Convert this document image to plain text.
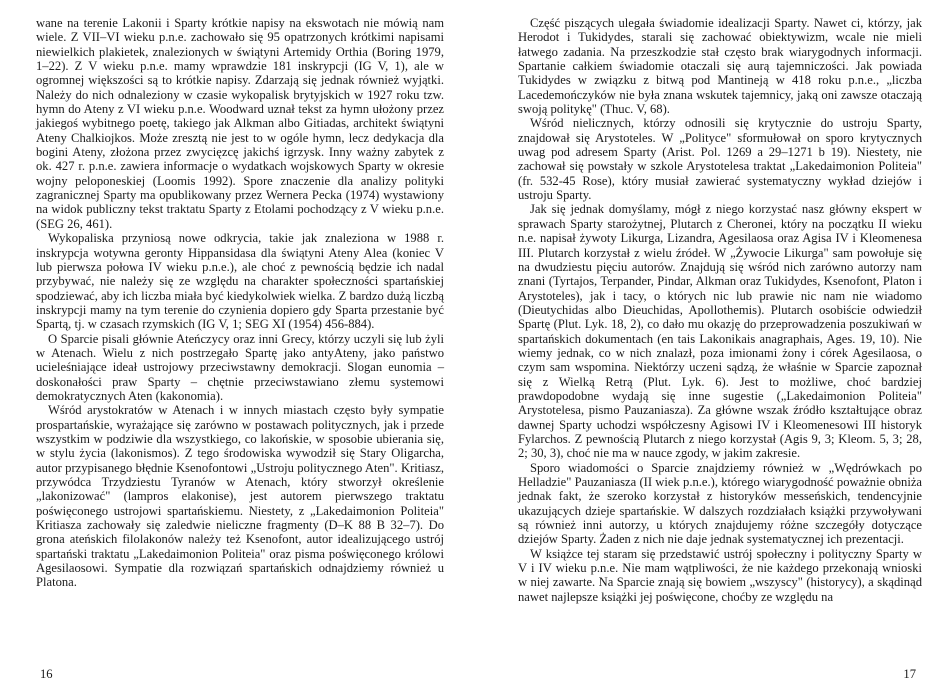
wane na terenie Lakonii i Sparty krótkie napisy na ekswotach nie mówią nam wiele. Z VII–VI wieku p.n.e. zachowało się 95 opatrzonych krótkimi napisami niewielkich plakietek, znalezionych w świątyni Artemidy Orthia (Boring 1979, 1–22). Z V wieku p.n.e. mamy wprawdzie 181 inskrypcji (IG V, 1), ale w ogromnej większości są to krótkie napisy. Zdarzają się jednak również wyjątki. Należy do nich odnaleziony w czasie wykopalisk brytyjskich w 1927 roku tzw. hymn do Ateny z VI wieku p.n.e. Woodward uznał tekst za hymn ułożony przez jakiegoś wybitnego poetę, takiego jak Alkman albo Gitiadas, architekt świątyni Ateny Chalkiojkos. Może zresztą nie jest to w ogóle hymn, lecz dedykacja dla bogini Ateny, złożona przez zwycięzcę jakichś igrzysk. Inny ważny zabytek z ok. 427 r. p.n.e. zawiera informacje o wydatkach wojskowych Sparty w okresie wojny peloponeskiej (Loomis 1992). Spore znaczenie dla analizy polityki zagranicznej Sparty ma opublikowany przez Wernera Pecka (1974) wystawiony na widok publiczny tekst traktatu Sparty z Etolami pochodzący z V wieku p.n.e. (SEG 26, 461).

Wykopaliska przyniosą nowe odkrycia, takie jak znaleziona w 1988 r. inskrypcja wotywna geronty Hippansidasa dla świątyni Ateny Alea (koniec V lub pierwsza połowa IV wieku p.n.e.), ale choć z pewnością będzie ich nadal przybywać, nie należy się ze względu na charakter społeczności spartańskiej spodziewać, aby ich liczba miała być kiedykolwiek wielka. Z bardzo dużą liczbą inskrypcji mamy na tym terenie do czynienia dopiero gdy Sparta przestanie być Spartą, tj. w czasach rzymskich (IG V, 1; SEG XI (1954) 456-884).

O Sparcie pisali głównie Ateńczycy oraz inni Grecy, którzy uczyli się lub żyli w Atenach. Wielu z nich postrzegało Spartę jako antyAteny, jako państwo ucieleśniające ideał ustrojowy przeciwstawny demokracji. Slogan eunomia – doskonałości praw Sparty – chętnie przeciwstawiano złemu systemowi demokratycznych Aten (kakonomia).

Wśród arystokratów w Atenach i w innych miastach często były sympatie prospartańskie, wyrażające się zarówno w postawach politycznych, jak i przede wszystkim w podziwie dla wszystkiego, co lakońskie, w sposobie ubierania się, w stylu życia (lakonismos). Z tego środowiska wywodził się Stary Oligarcha, autor przypisanego błędnie Ksenofontowi „Ustroju politycznego Aten". Kritiasz, przywódca Trzydziestu Tyranów w Atenach, który stworzył określenie „lakonizować" (lampros elakonise), jest autorem pierwszego traktatu poświęconego ustrojowi spartańskiemu. Niestety, z „Lakedaimonion Politeia" Kritiasza zachowały się zaledwie nieliczne fragmenty (D–K 88 B 32–7). Do grona ateńskich filolakonów należy też Ksenofont, autor idealizującego ustrój spartański traktatu „Lakedaimonion Politeia" oraz pisma poświęconego królowi Agesilaosowi. Sympatie dla rozwiązań spartańskich odnajdziemy również u Platona.

16

Część piszących ulegała świadomie idealizacji Sparty. Nawet ci, którzy, jak Herodot i Tukidydes, starali się zachować obiektywizm, wcale nie mieli łatwego zadania. Na przeszkodzie stał często brak wiarygodnych informacji. Spartanie całkiem świadomie otaczali się aurą tajemniczości. Jak powiada Tukidydes w związku z bitwą pod Mantineją w 418 roku p.n.e., „liczba Lacedemończyków nie była znana wskutek tajemnicy, jaką oni zawsze otaczają swoją politykę" (Thuc. V, 68).

Wśród nielicznych, którzy odnosili się krytycznie do ustroju Sparty, znajdował się Arystoteles. W „Polityce" sformułował on sporo krytycznych uwag pod adresem Sparty (Arist. Pol. 1269 a 29–1271 b 19). Niestety, nie zachował się powstały w szkole Arystotelesa traktat „Lakedaimonion Politeia" (fr. 532-45 Rose), który musiał zawierać systematyczny wykład dziejów i ustroju Sparty.

Jak się jednak domyślamy, mógł z niego korzystać nasz główny ekspert w sprawach Sparty starożytnej, Plutarch z Cheronei, który na początku II wieku n.e. napisał żywoty Likurga, Lizandra, Agesilaosa oraz Agisa IV i Kleomenesa III. Plutarch korzystał z wielu źródeł. W „Żywocie Likurga" sam powołuje się na dwudziestu pięciu autorów. Znajdują się wśród nich zarówno autorzy nam znani (Tyrtajos, Terpander, Pindar, Alkman oraz Tukidydes, Ksenofont, Platon i Arystoteles), jak i tacy, o których nic lub prawie nic nam nie wiadomo (Dieutychidas albo Dieuchidas, Apollothemis). Plutarch osobiście odwiedził Spartę (Plut. Lyk. 18, 2), co dało mu okazję do przeprowadzenia poszukiwań w spartańskich dokumentach (en tais Lakonikais anagraphais, Ages. 19, 10). Nie wiemy jednak, co w nich znalazł, poza imionami żony i córek Agesilaosa, o czym sam wspomina. Niektórzy uczeni sądzą, że właśnie w Sparcie zapoznał się z Wielką Retrą (Plut. Lyk. 6). Jest to możliwe, choć bardziej prawdopodobne wydają się inne sugestie („Lakedaimonion Politeia" Arystotelesa, pismo Pauzaniasza). Za główne wszak źródło kształtujące obraz dawnej Sparty uchodzi współczesny Agisowi IV i Kleomenesowi III historyk Fylarchos. Z pewnością Plutarch z niego korzystał (Agis 9, 3; Kleom. 5, 3; 28, 2; 30, 3), choć nie ma w nauce zgody, w jakim zakresie.

Sporo wiadomości o Sparcie znajdziemy również w „Wędrówkach po Helladzie" Pauzaniasza (II wiek p.n.e.), którego wiarygodność poważnie obniża jednak fakt, że szeroko korzystał z historyków messeńskich, tendencyjnie ukazujących dzieje spartańskie. W dalszych rozdziałach książki przywoływani są również inni autorzy, u których znajdujemy różne szczegóły dotyczące dziejów Sparty. Żaden z nich nie daje jednak systematycznej ich prezentacji.

W książce tej staram się przedstawić ustrój społeczny i polityczny Sparty w V i IV wieku p.n.e. Nie mam wątpliwości, że nie każdego przekonają wnioski w niej zawarte. Na Sparcie znają się bowiem „wszyscy" (historycy), a skądinąd nawet najlepsze książki jej poświęcone, choćby ze względu na

17
